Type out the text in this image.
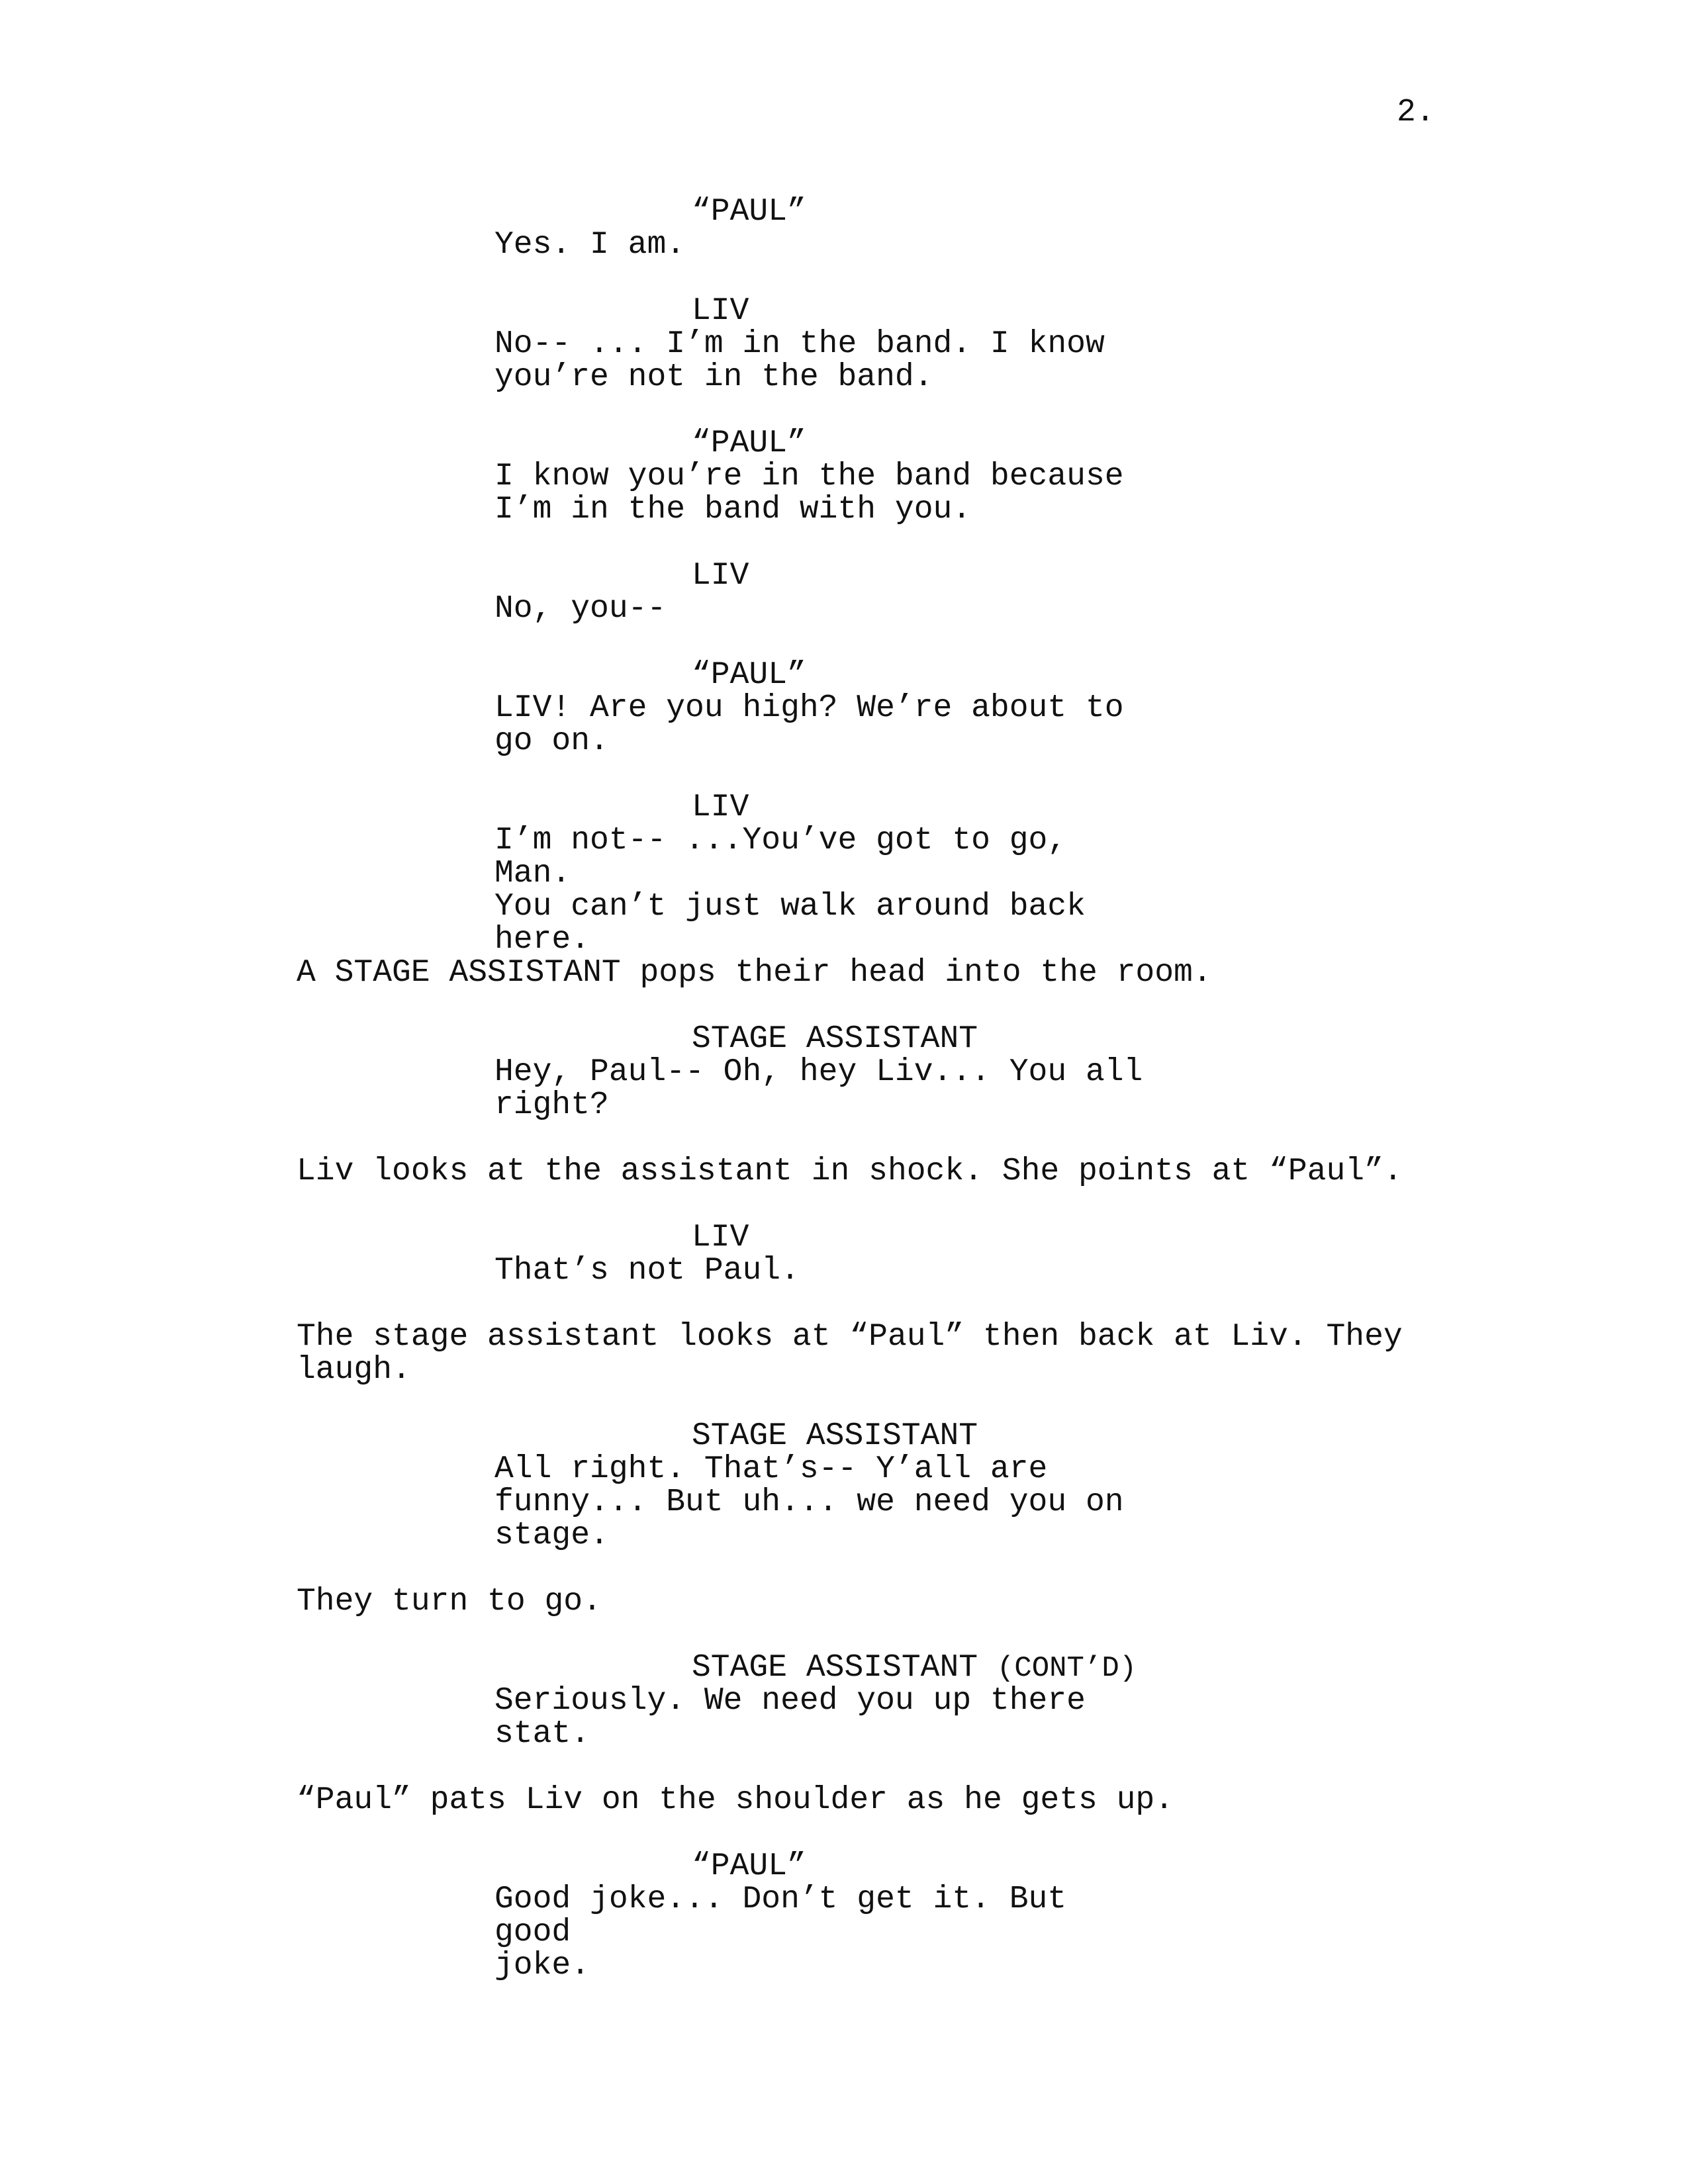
2.
“PAUL”
Yes. I am.
LIV
No-- ... I’m in the band. I know
you’re not in the band.
“PAUL”
I know you’re in the band because
I’m in the band with you.
LIV
No, you--
“PAUL”
LIV! Are you high? We’re about to
go on.
LIV
I’m not-- ...You’ve got to go, Man.
You can’t just walk around back
here.
A STAGE ASSISTANT pops their head into the room.
STAGE ASSISTANT
Hey, Paul-- Oh, hey Liv... You all
right?
Liv looks at the assistant in shock. She points at “Paul”.
LIV
That’s not Paul.
The stage assistant looks at “Paul” then back at Liv. They
laugh.
STAGE ASSISTANT
All right. That’s-- Y’all are
funny... But uh... we need you on
stage.
They turn to go.
STAGE ASSISTANT (CONT’D)
Seriously. We need you up there
stat.
“Paul” pats Liv on the shoulder as he gets up.
“PAUL”
Good joke... Don’t get it. But good
joke.
